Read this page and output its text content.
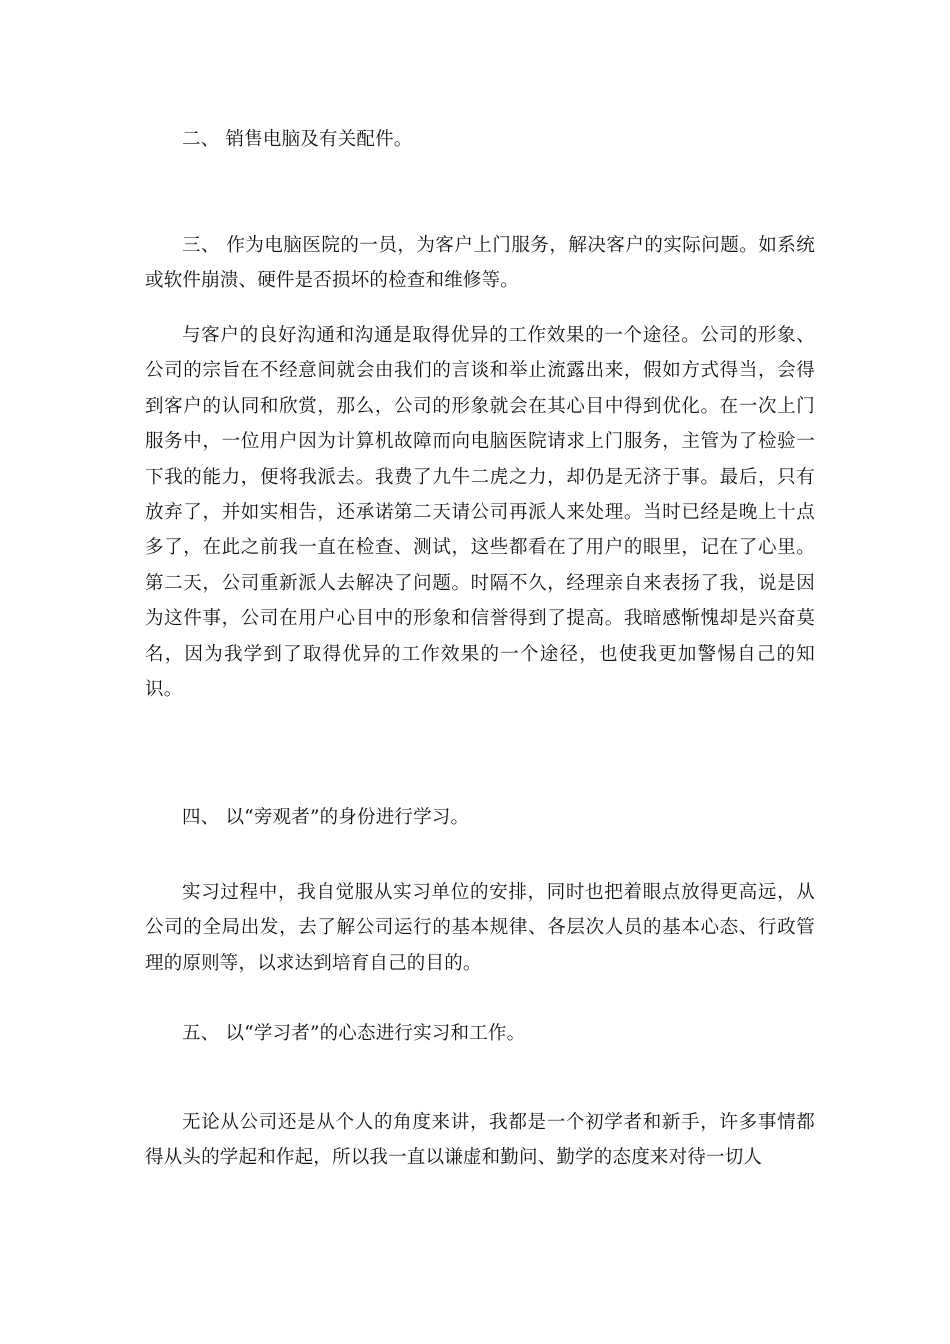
二、 销售电脑及有关配件。

三、 作为电脑医院的一员，为客户上门服务，解决客户的实际问题。如系统或软件崩溃、硬件是否损坏的检查和维修等。

与客户的良好沟通和沟通是取得优异的工作效果的一个途径。公司的形象、公司的宗旨在不经意间就会由我们的言谈和举止流露出来，假如方式得当，会得到客户的认同和欣赏，那么，公司的形象就会在其心目中得到优化。在一次上门服务中，一位用户因为计算机故障而向电脑医院请求上门服务，主管为了检验一下我的能力，便将我派去。我费了九牛二虎之力，却仍是无济于事。最后，只有放弃了，并如实相告，还承诺第二天请公司再派人来处理。当时已经是晚上十点多了，在此之前我一直在检查、测试，这些都看在了用户的眼里，记在了心里。第二天，公司重新派人去解决了问题。时隔不久，经理亲自来表扬了我，说是因为这件事，公司在用户心目中的形象和信誉得到了提高。我暗感惭愧却是兴奋莫名，因为我学到了取得优异的工作效果的一个途径，也使我更加警惕自己的知识。

四、 以“旁观者”的身份进行学习。

实习过程中，我自觉服从实习单位的安排，同时也把着眼点放得更高远，从公司的全局出发，去了解公司运行的基本规律、各层次人员的基本心态、行政管理的原则等，以求达到培育自己的目的。

五、 以“学习者”的心态进行实习和工作。

无论从公司还是从个人的角度来讲，我都是一个初学者和新手，许多事情都得从头的学起和作起，所以我一直以谦虚和勤问、勤学的态度来对待一切人
